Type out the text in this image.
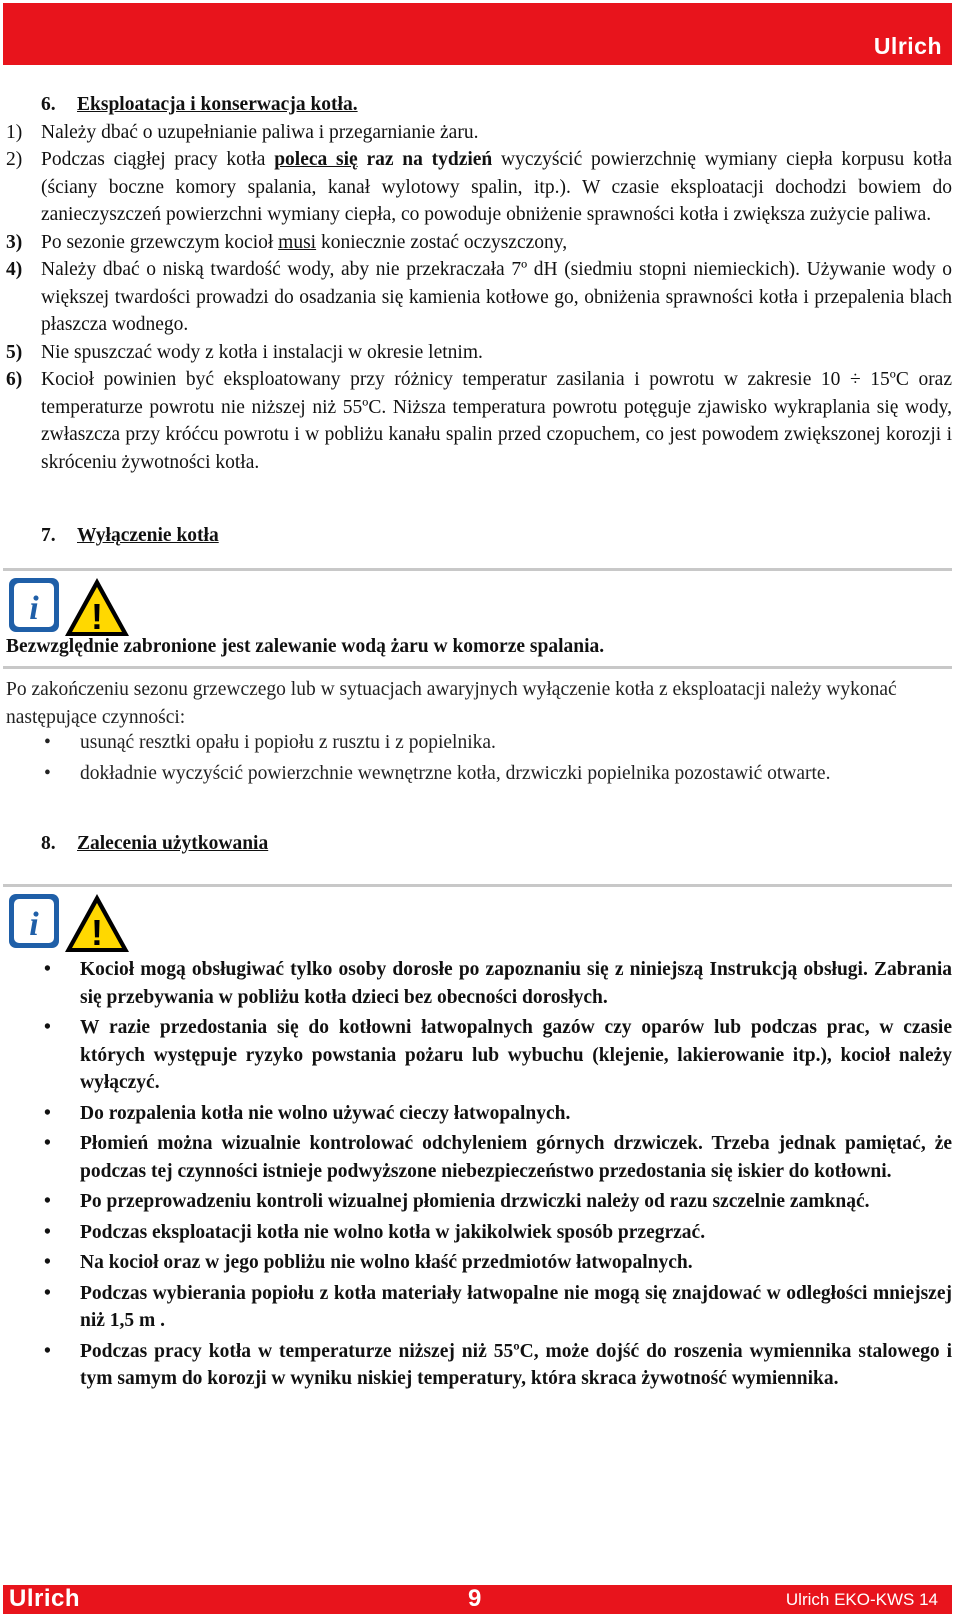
Ulrich
6. Eksploatacja i konserwacja kotła.
1) Należy dbać o uzupełnianie paliwa i przegarnianie żaru.
2) Podczas ciągłej pracy kotła poleca się raz na tydzień wyczyścić powierzchnię wymiany ciepła korpusu kotła (ściany boczne komory spalania, kanał wylotowy spalin, itp.). W czasie eksploatacji dochodzi bowiem do zanieczyszczeń powierzchni wymiany ciepła, co powoduje obniżenie sprawności kotła i zwiększa zużycie paliwa.
3) Po sezonie grzewczym kocioł musi koniecznie zostać oczyszczony,
4) Należy dbać o niską twardość wody, aby nie przekraczała 7º dH (siedmiu stopni niemieckich). Używanie wody o większej twardości prowadzi do osadzania się kamienia kotłowe go, obniżenia sprawności kotła i przepalenia blach płaszcza wodnego.
5) Nie spuszczać wody z kotła i instalacji w okresie letnim.
6) Kocioł powinien być eksploatowany przy różnicy temperatur zasilania i powrotu w zakresie 10 ÷ 15ºC oraz temperaturze powrotu nie niższej niż 55ºC. Niższa temperatura powrotu potęguje zjawisko wykraplania się wody, zwłaszcza przy króćcu powrotu i w pobliżu kanału spalin przed czopuchem, co jest powodem zwiększonej korozji i skróceniu żywotności kotła.
7. Wyłączenie kotła
i !
Bezwzględnie zabronione jest zalewanie wodą żaru w komorze spalania.
Po zakończeniu sezonu grzewczego lub w sytuacjach awaryjnych wyłączenie kotła z eksploatacji należy wykonać następujące czynności:
• usunąć resztki opału i popiołu z rusztu i z popielnika.
• dokładnie wyczyścić powierzchnie wewnętrzne kotła, drzwiczki popielnika pozostawić otwarte.
8. Zalecenia użytkowania
i !
• Kocioł mogą obsługiwać tylko osoby dorosłe po zapoznaniu się z niniejszą Instrukcją obsługi. Zabrania się przebywania w pobliżu kotła dzieci bez obecności dorosłych.
• W razie przedostania się do kotłowni łatwopalnych gazów czy oparów lub podczas prac, w czasie których występuje ryzyko powstania pożaru lub wybuchu (klejenie, lakierowanie itp.), kocioł należy wyłączyć.
• Do rozpalenia kotła nie wolno używać cieczy łatwopalnych.
• Płomień można wizualnie kontrolować odchyleniem górnych drzwiczek. Trzeba jednak pamiętać, że podczas tej czynności istnieje podwyższone niebezpieczeństwo przedostania się iskier do kotłowni.
• Po przeprowadzeniu kontroli wizualnej płomienia drzwiczki należy od razu szczelnie zamknąć.
• Podczas eksploatacji kotła nie wolno kotła w jakikolwiek sposób przegrzać.
• Na kocioł oraz w jego pobliżu nie wolno kłaść przedmiotów łatwopalnych.
• Podczas wybierania popiołu z kotła materiały łatwopalne nie mogą się znajdować w odległości mniejszej niż 1,5 m .
• Podczas pracy kotła w temperaturze niższej niż 55ºC, może dojść do roszenia wymiennika stalowego i tym samym do korozji w wyniku niskiej temperatury, która skraca żywotność wymiennika.
Ulrich	9	Ulrich EKO-KWS 14
